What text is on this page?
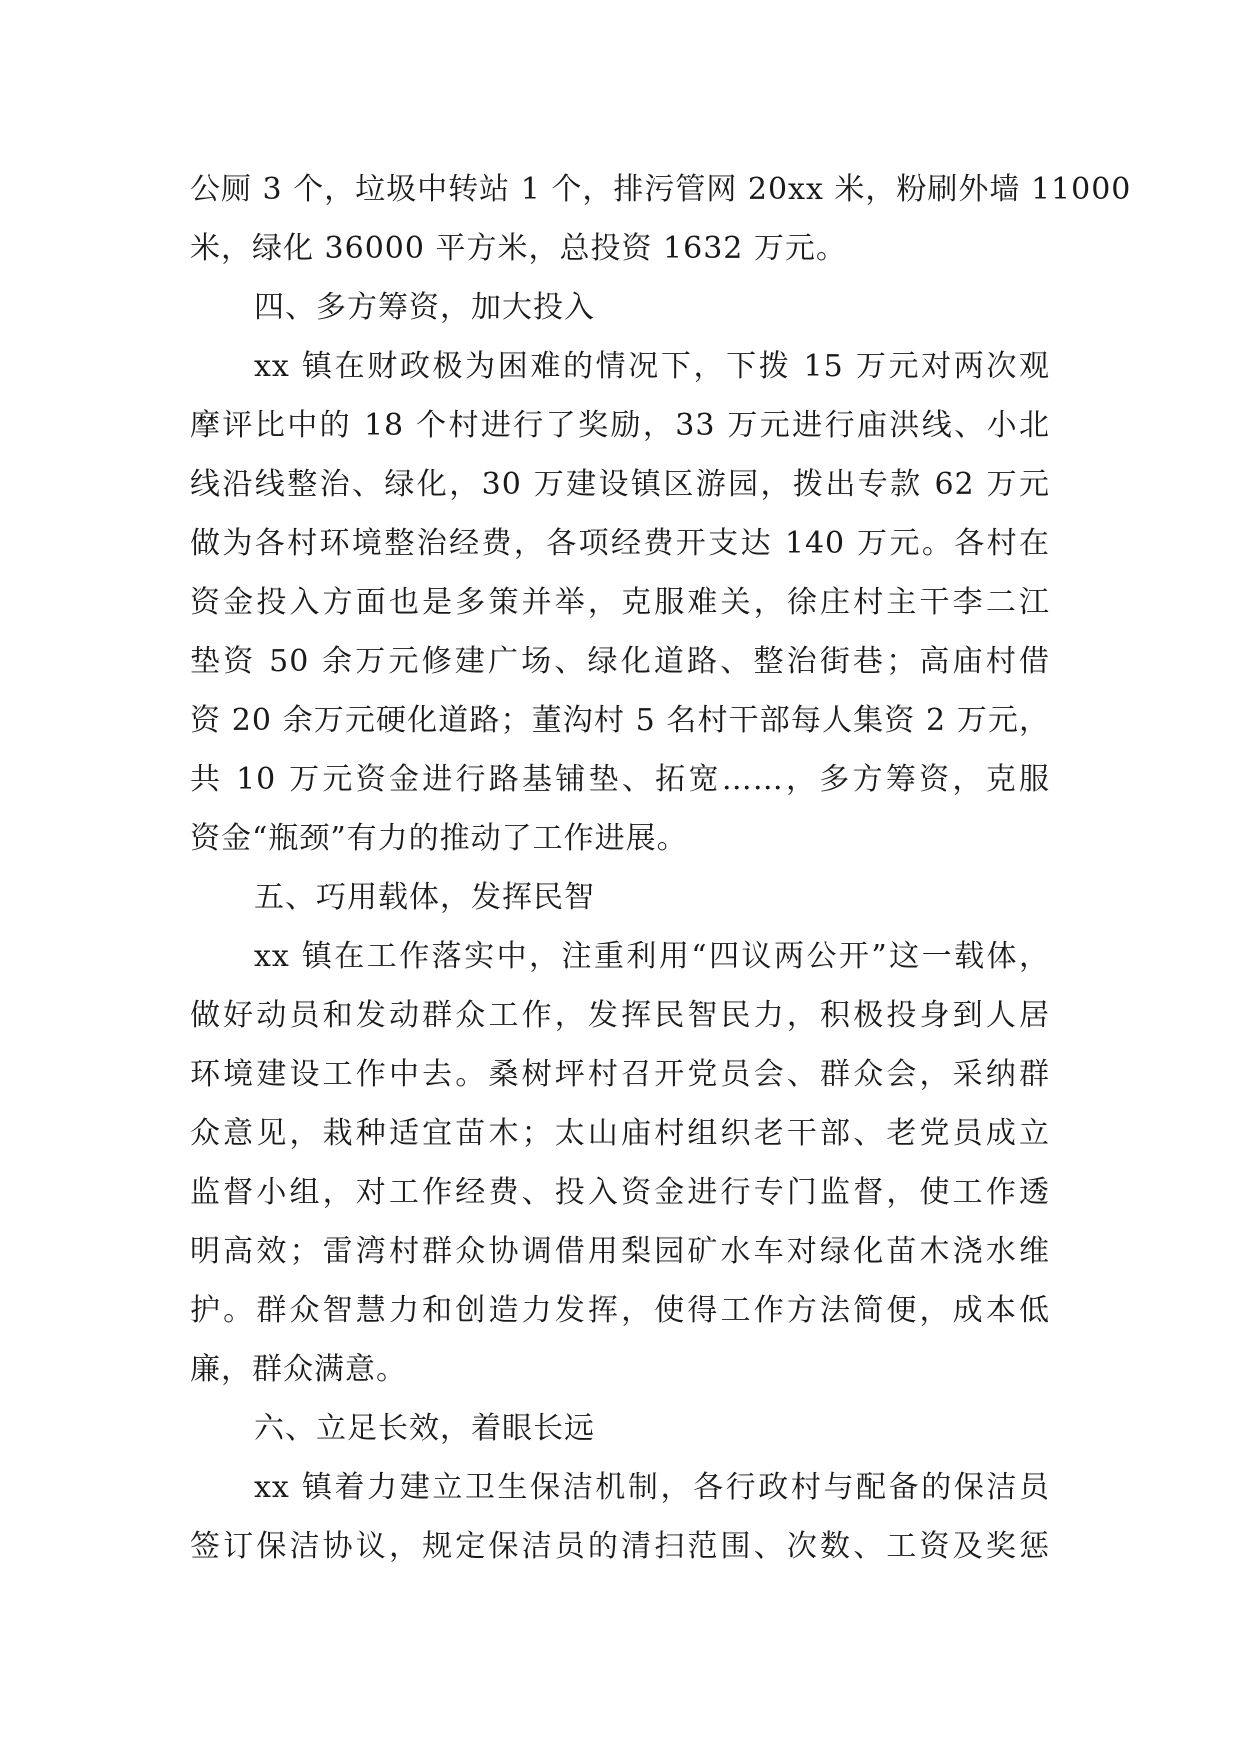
公厕 3 个，垃圾中转站 1 个，排污管网 20xx 米，粉刷外墙 11000
米，绿化 36000 平方米，总投资 1632 万元。
四、多方筹资，加大投入
xx 镇在财政极为困难的情况下，下拨 15 万元对两次观
摩评比中的 18 个村进行了奖励，33 万元进行庙洪线、小北
线沿线整治、绿化，30 万建设镇区游园，拨出专款 62 万元
做为各村环境整治经费，各项经费开支达 140 万元。各村在
资金投入方面也是多策并举，克服难关，徐庄村主干李二江
垫资 50 余万元修建广场、绿化道路、整治街巷；高庙村借
资 20 余万元硬化道路；董沟村 5 名村干部每人集资 2 万元，
共 10 万元资金进行路基铺垫、拓宽……，多方筹资，克服
资金“瓶颈”有力的推动了工作进展。
五、巧用载体，发挥民智
xx 镇在工作落实中，注重利用“四议两公开”这一载体，
做好动员和发动群众工作，发挥民智民力，积极投身到人居
环境建设工作中去。桑树坪村召开党员会、群众会，采纳群
众意见，栽种适宜苗木；太山庙村组织老干部、老党员成立
监督小组，对工作经费、投入资金进行专门监督，使工作透
明高效；雷湾村群众协调借用梨园矿水车对绿化苗木浇水维
护。群众智慧力和创造力发挥，使得工作方法简便，成本低
廉，群众满意。
六、立足长效，着眼长远
xx 镇着力建立卫生保洁机制，各行政村与配备的保洁员
签订保洁协议，规定保洁员的清扫范围、次数、工资及奖惩
